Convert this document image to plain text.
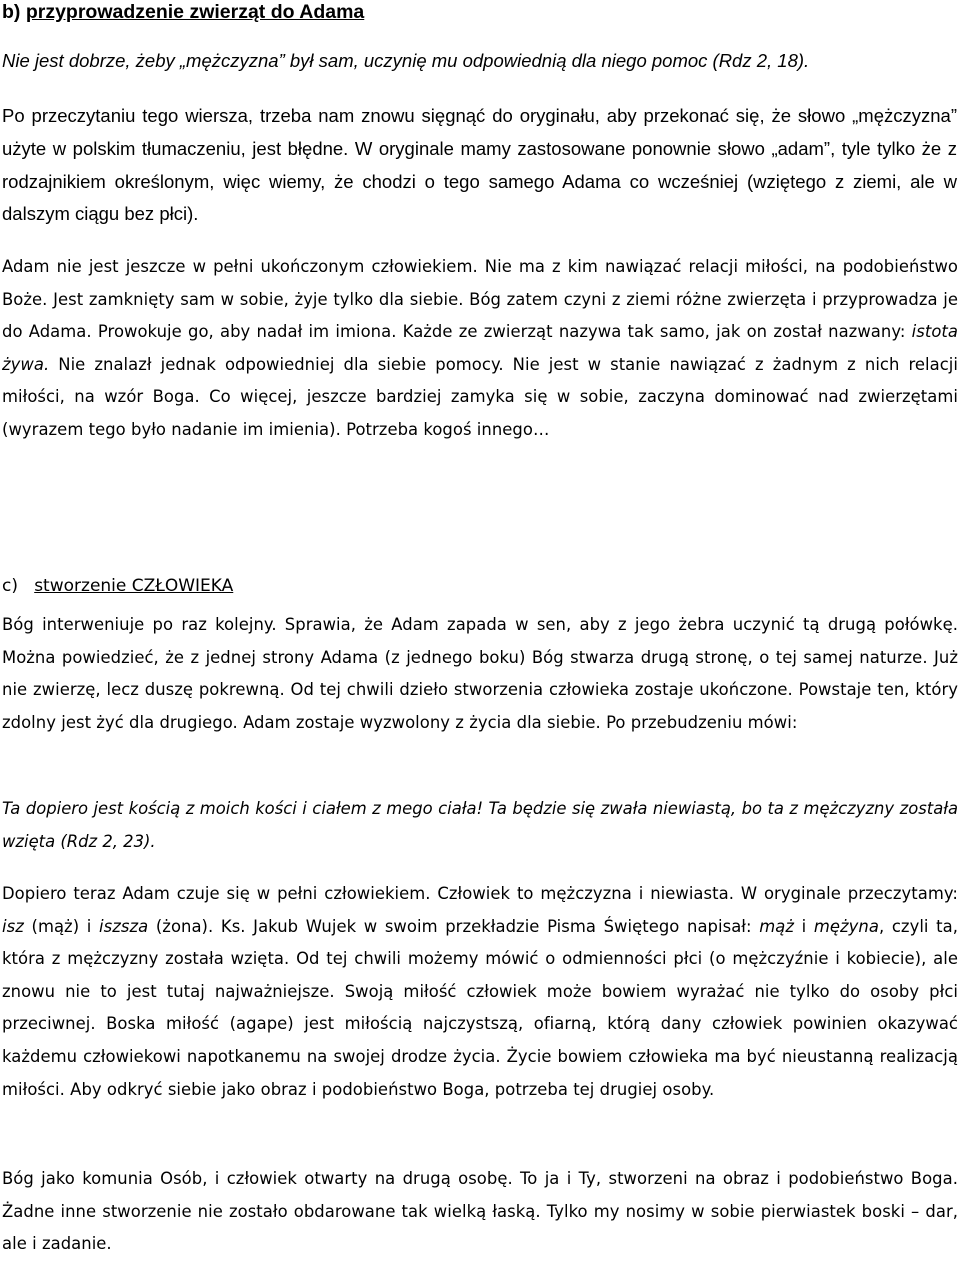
b) przyprowadzenie zwierząt do Adama

Nie jest dobrze, żeby „mężczyzna” był sam, uczynię mu odpowiednią dla niego pomoc (Rdz 2, 18).

Po przeczytaniu tego wiersza, trzeba nam znowu sięgnąć do oryginału, aby przekonać się, że słowo „mężczyzna” użyte w polskim tłumaczeniu, jest błędne. W oryginale mamy zastosowane ponownie słowo „adam”, tyle tylko że z rodzajnikiem określonym, więc wiemy, że chodzi o tego samego Adama co wcześniej (wziętego z ziemi, ale w dalszym ciągu bez płci).

Adam nie jest jeszcze w pełni ukończonym człowiekiem. Nie ma z kim nawiązać relacji miłości, na podobieństwo Boże. Jest zamknięty sam w sobie, żyje tylko dla siebie. Bóg zatem czyni z ziemi różne zwierzęta i przyprowadza je do Adama. Prowokuje go, aby nadał im imiona. Każde ze zwierząt nazywa tak samo, jak on został nazwany: istota żywa. Nie znalazł jednak odpowiedniej dla siebie pomocy. Nie jest w stanie nawiązać z żadnym z nich relacji miłości, na wzór Boga. Co więcej, jeszcze bardziej zamyka się w sobie, zaczyna dominować nad zwierzętami (wyrazem tego było nadanie im imienia). Potrzeba kogoś innego…

c) stworzenie CZŁOWIEKA

Bóg interweniuje po raz kolejny. Sprawia, że Adam zapada w sen, aby z jego żebra uczynić tą drugą połówkę. Można powiedzieć, że z jednej strony Adama (z jednego boku) Bóg stwarza drugą stronę, o tej samej naturze. Już nie zwierzę, lecz duszę pokrewną. Od tej chwili dzieło stworzenia człowieka zostaje ukończone. Powstaje ten, który zdolny jest żyć dla drugiego. Adam zostaje wyzwolony z życia dla siebie. Po przebudzeniu mówi:

Ta dopiero jest kością z moich kości i ciałem z mego ciała! Ta będzie się zwała niewiastą, bo ta z mężczyzny została wzięta (Rdz 2, 23).

Dopiero teraz Adam czuje się w pełni człowiekiem. Człowiek to mężczyzna i niewiasta. W oryginale przeczytamy: isz (mąż) i iszsza (żona). Ks. Jakub Wujek w swoim przekładzie Pisma Świętego napisał: mąż i mężyna, czyli ta, która z mężczyzny została wzięta. Od tej chwili możemy mówić o odmienności płci (o mężczyźnie i kobiecie), ale znowu nie to jest tutaj najważniejsze. Swoją miłość człowiek może bowiem wyrażać nie tylko do osoby płci przeciwnej. Boska miłość (agape) jest miłością najczystszą, ofiarną, którą dany człowiek powinien okazywać każdemu człowiekowi napotkanemu na swojej drodze życia. Życie bowiem człowieka ma być nieustanną realizacją miłości. Aby odkryć siebie jako obraz i podobieństwo Boga, potrzeba tej drugiej osoby.

Bóg jako komunia Osób, i człowiek otwarty na drugą osobę. To ja i Ty, stworzeni na obraz i podobieństwo Boga. Żadne inne stworzenie nie zostało obdarowane tak wielką łaską. Tylko my nosimy w sobie pierwiastek boski – dar, ale i zadanie.
